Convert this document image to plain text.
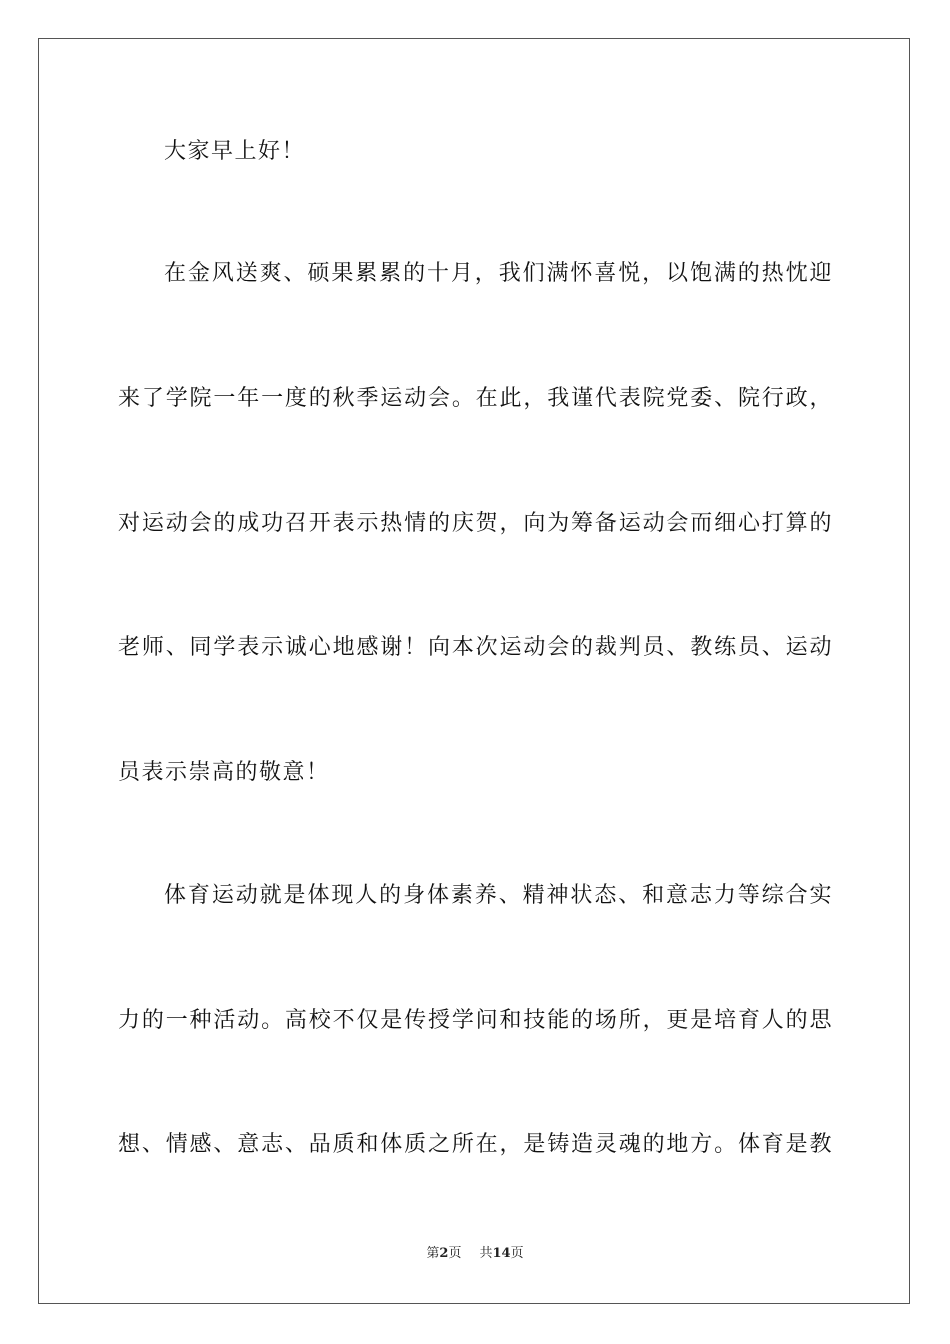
大家早上好！
在金风送爽、硕果累累的十月，我们满怀喜悦，以饱满的热忱迎
来了学院一年一度的秋季运动会。在此，我谨代表院党委、院行政，
对运动会的成功召开表示热情的庆贺，向为筹备运动会而细心打算的
老师、同学表示诚心地感谢！向本次运动会的裁判员、教练员、运动
员表示崇高的敬意！
体育运动就是体现人的身体素养、精神状态、和意志力等综合实
力的一种活动。高校不仅是传授学问和技能的场所，更是培育人的思
想、情感、意志、品质和体质之所在，是铸造灵魂的地方。体育是教
第2页 共14页
